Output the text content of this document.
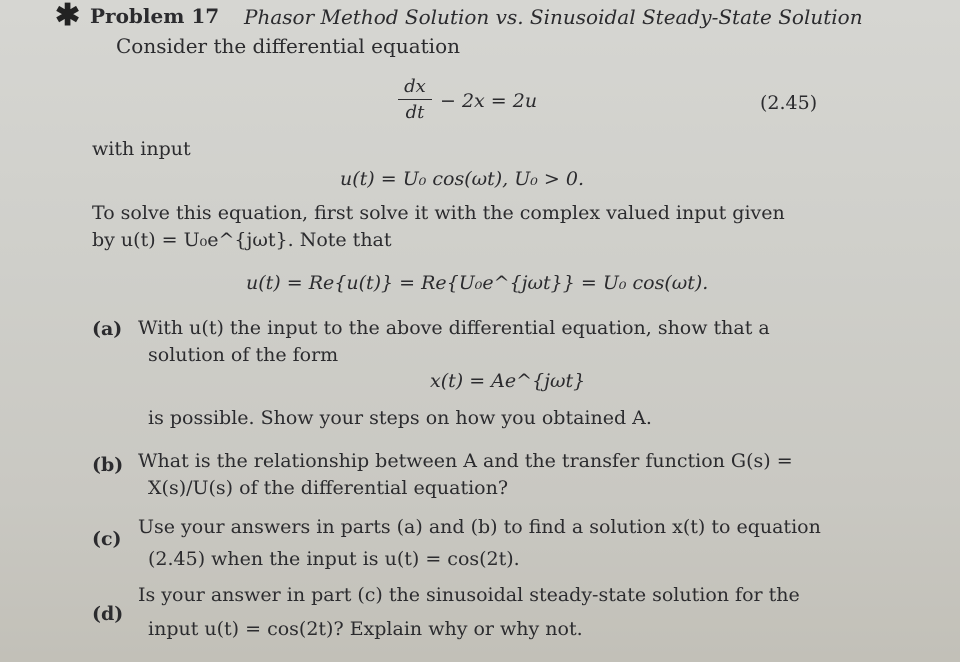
✱ Problem 17 Phasor Method Solution vs. Sinusoidal Steady-State Solution
Consider the differential equation
dx
dt
− 2x = 2u	(2.45)
with input
u(t) = U₀ cos(ωt), U₀ > 0.
To solve this equation, first solve it with the complex valued input given
by u(t) = U₀e^{jωt}. Note that
u(t) = Re{u(t)} = Re{U₀e^{jωt}} = U₀ cos(ωt).
(a) With u(t) the input to the above differential equation, show that a
solution of the form
x(t) = Ae^{jωt}
is possible. Show your steps on how you obtained A.
(b) What is the relationship between A and the transfer function G(s) =
X(s)/U(s) of the differential equation?
(c)
Use your answers in parts (a) and (b) to find a solution x(t) to equation
(2.45) when the input is u(t) = cos(2t).
(d)
Is your answer in part (c) the sinusoidal steady-state solution for the
input u(t) = cos(2t)? Explain why or why not.
